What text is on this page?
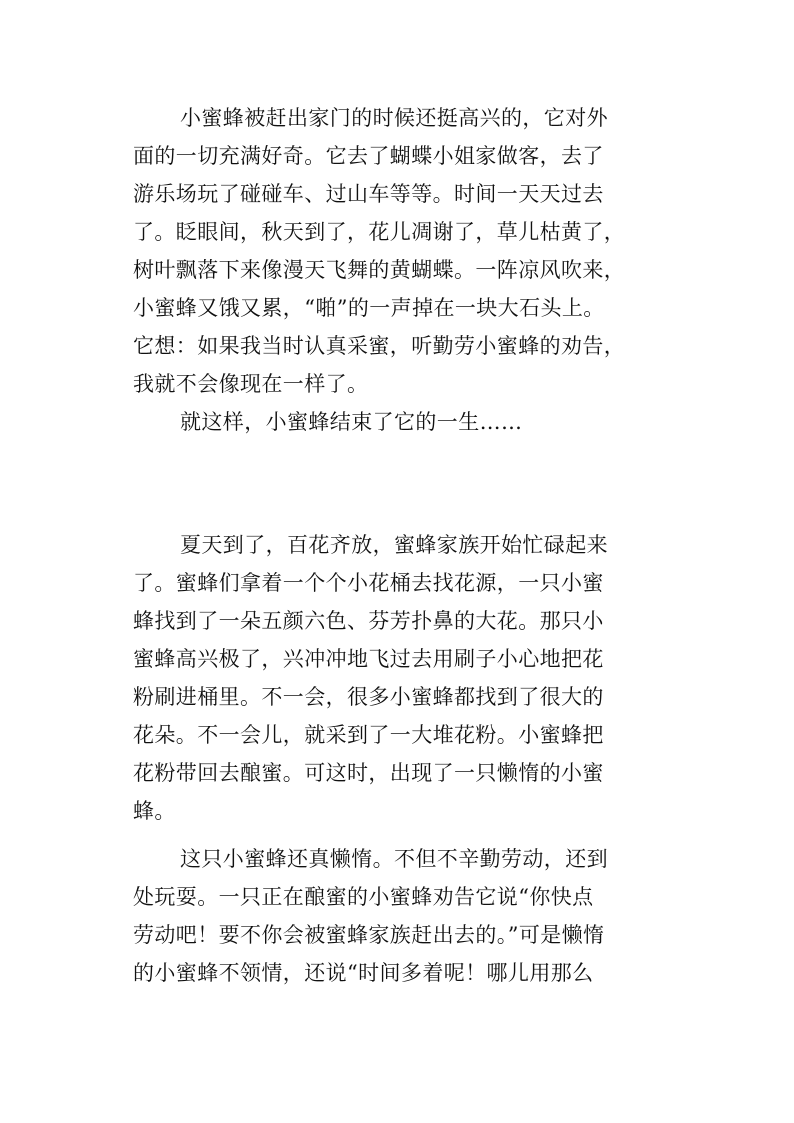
小蜜蜂被赶出家门的时候还挺高兴的，它对外
面的一切充满好奇。它去了蝴蝶小姐家做客，去了
游乐场玩了碰碰车、过山车等等。时间一天天过去
了。眨眼间，秋天到了，花儿凋谢了，草儿枯黄了，
树叶飘落下来像漫天飞舞的黄蝴蝶。一阵凉风吹来，
小蜜蜂又饿又累，“啪”的一声掉在一块大石头上。
它想：如果我当时认真采蜜，听勤劳小蜜蜂的劝告，
我就不会像现在一样了。
就这样，小蜜蜂结束了它的一生……
夏天到了，百花齐放，蜜蜂家族开始忙碌起来
了。蜜蜂们拿着一个个小花桶去找花源，一只小蜜
蜂找到了一朵五颜六色、芬芳扑鼻的大花。那只小
蜜蜂高兴极了，兴冲冲地飞过去用刷子小心地把花
粉刷进桶里。不一会，很多小蜜蜂都找到了很大的
花朵。不一会儿，就采到了一大堆花粉。小蜜蜂把
花粉带回去酿蜜。可这时，出现了一只懒惰的小蜜
蜂。
这只小蜜蜂还真懒惰。不但不辛勤劳动，还到
处玩耍。一只正在酿蜜的小蜜蜂劝告它说“你快点
劳动吧！要不你会被蜜蜂家族赶出去的。”可是懒惰
的小蜜蜂不领情，还说“时间多着呢！哪儿用那么
